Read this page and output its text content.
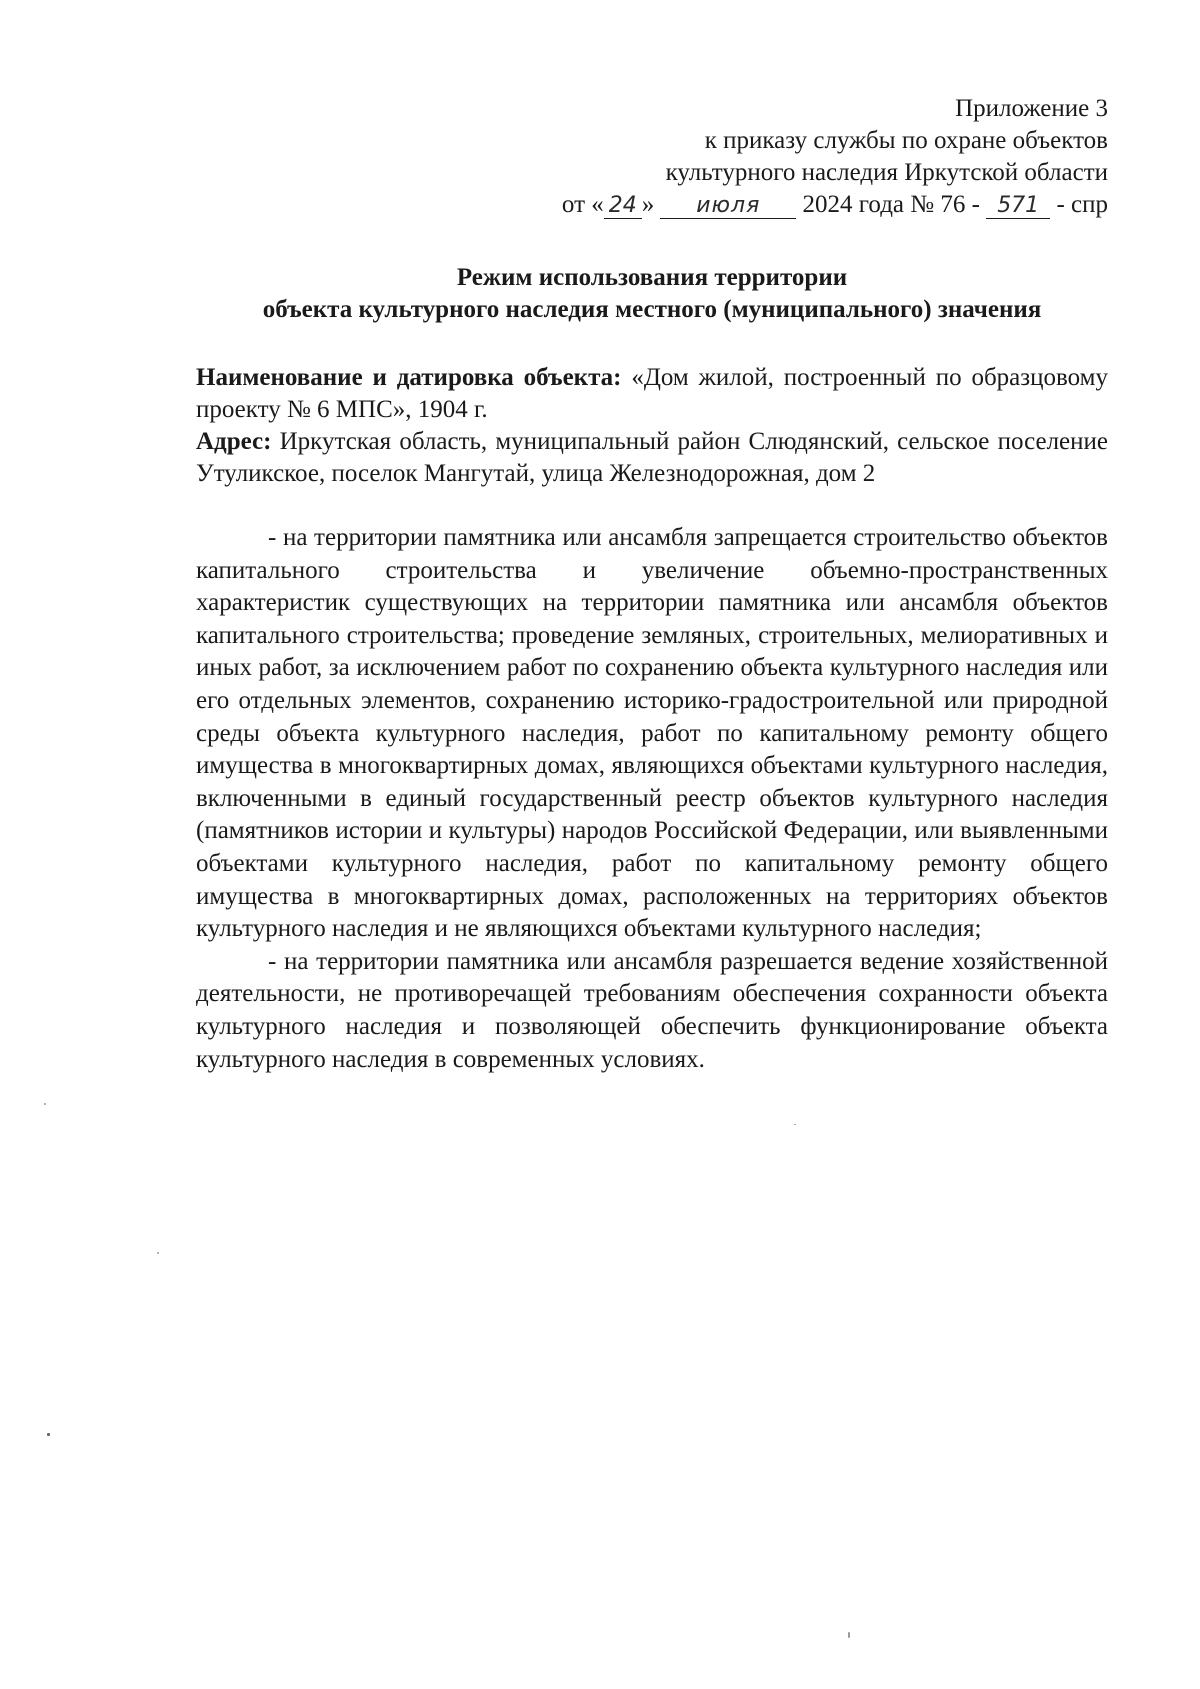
Приложение 3
к приказу службы по охране объектов
культурного наследия Иркутской области
от « 24 » июля 2024 года № 76 - 571 - спр
Режим использования территории
объекта культурного наследия местного (муниципального) значения

Наименование и датировка объекта: «Дом жилой, построенный по образцовому проекту № 6 МПС», 1904 г.

Адрес: Иркутская область, муниципальный район Слюдянский, сельское поселение Утуликское, поселок Мангутай, улица Железнодорожная, дом 2

- на территории памятника или ансамбля запрещается строительство объектов капитального строительства и увеличение объемно-пространственных характеристик существующих на территории памятника или ансамбля объектов капитального строительства; проведение земляных, строительных, мелиоративных и иных работ, за исключением работ по сохранению объекта культурного наследия или его отдельных элементов, сохранению историко-градостроительной или природной среды объекта культурного наследия, работ по капитальному ремонту общего имущества в многоквартирных домах, являющихся объектами культурного наследия, включенными в единый государственный реестр объектов культурного наследия (памятников истории и культуры) народов Российской Федерации, или выявленными объектами культурного наследия, работ по капитальному ремонту общего имущества в многоквартирных домах, расположенных на территориях объектов культурного наследия и не являющихся объектами культурного наследия;

- на территории памятника или ансамбля разрешается ведение хозяйственной деятельности, не противоречащей требованиям обеспечения сохранности объекта культурного наследия и позволяющей обеспечить функционирование объекта культурного наследия в современных условиях.
